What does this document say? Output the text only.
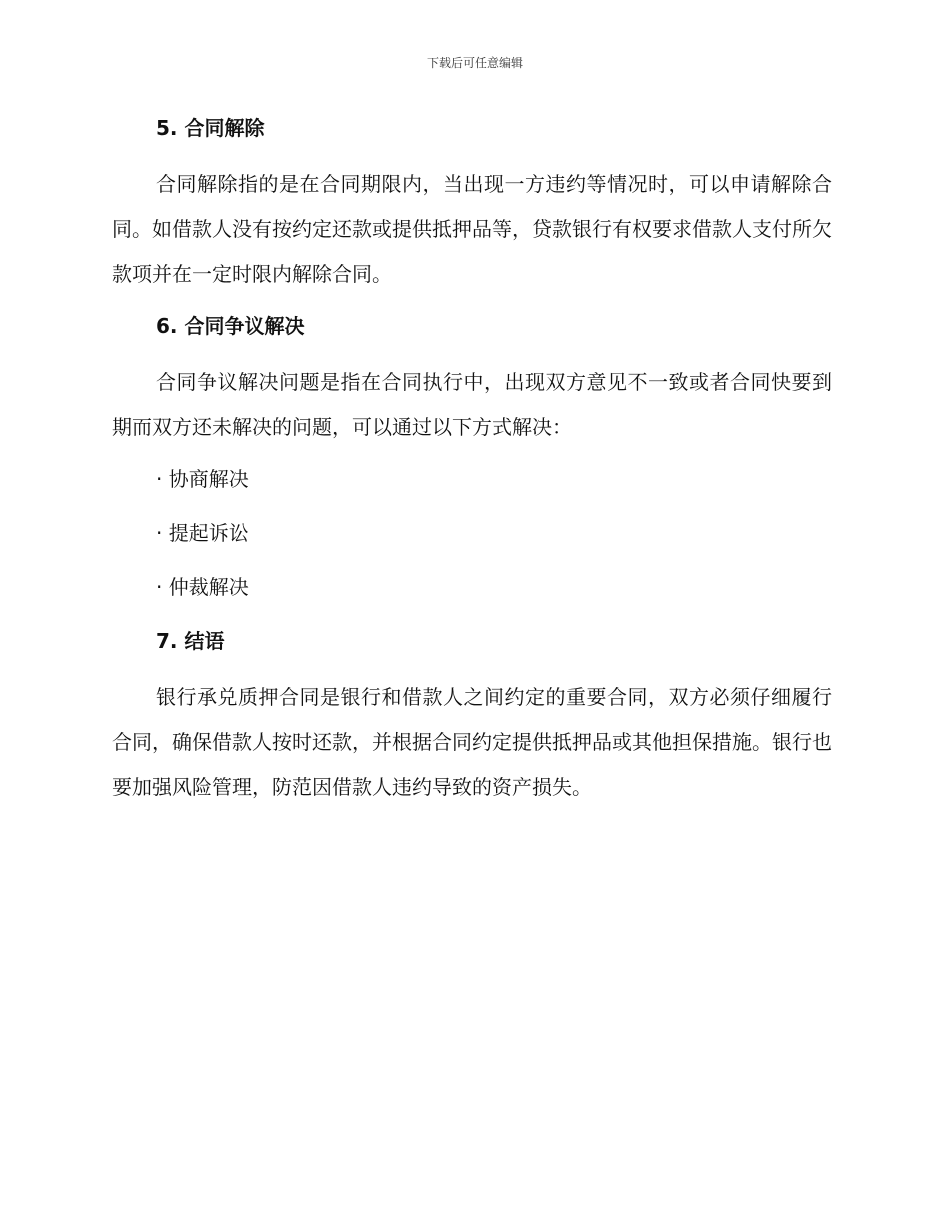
下载后可任意编辑
5. 合同解除

合同解除指的是在合同期限内，当出现一方违约等情况时，可以申请解除合同。如借款人没有按约定还款或提供抵押品等，贷款银行有权要求借款人支付所欠款项并在一定时限内解除合同。

6. 合同争议解决

合同争议解决问题是指在合同执行中，出现双方意见不一致或者合同快要到期而双方还未解决的问题，可以通过以下方式解决：

· 协商解决
· 提起诉讼
· 仲裁解决
7. 结语

银行承兑质押合同是银行和借款人之间约定的重要合同，双方必须仔细履行合同，确保借款人按时还款，并根据合同约定提供抵押品或其他担保措施。银行也要加强风险管理，防范因借款人违约导致的资产损失。
